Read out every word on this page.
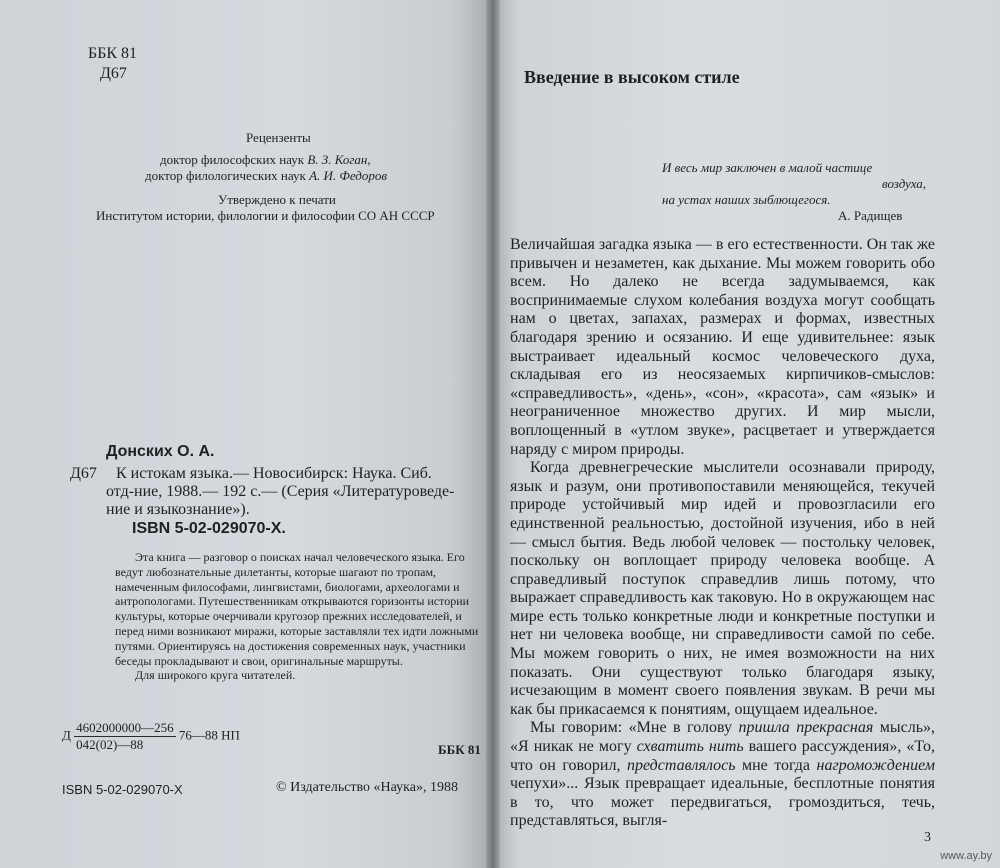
ББК 81
Д67
Рецензенты
доктор философских наук В. З. Коган,
доктор филологических наук А. И. Федоров
Утверждено к печати
Институтом истории, филологии и философии СО АН СССР
Донских О. А.
Д67 К истокам языка.— Новосибирск: Наука. Сиб.
отд-ние, 1988.— 192 с.— (Серия «Литературоведе-
ние и языкознание»).
ISBN 5-02-029070-X.

Эта книга — разговор о поисках начал человеческого языка. Его ведут любознательные дилетанты, которые шагают по тропам, намеченным философами, лингвистами, биологами, археологами и антропологами. Путешественникам открываются горизонты истории культуры, которые очерчивали кругозор прежних исследователей, и перед ними возникают миражи, которые заставляли тех идти ложными путями. Ориентируясь на достижения современных наук, участники беседы прокладывают и свои, оригинальные маршруты.

Для широкого круга читателей.

Д $\frac{4602000000—256}{042(02)—88}$ 76—88 НП
ББК 81
ISBN 5-02-029070-X	© Издательство «Наука», 1988
Введение в высоком стиле
И весь мир заключен в малой частице
воздуха,
на устах наших зыблющегося.
А. Радищев

Величайшая загадка языка — в его естественности. Он так же привычен и незаметен, как дыхание. Мы можем говорить обо всем. Но далеко не всегда задумываемся, как воспринимаемые слухом колебания воздуха могут сообщать нам о цветах, запахах, размерах и формах, известных благодаря зрению и осязанию. И еще удивительнее: язык выстраивает идеальный космос человеческого духа, складывая его из неосязаемых кирпичиков-смыслов: «справедливость», «день», «сон», «красота», сам «язык» и неограниченное множество других. И мир мысли, воплощенный в «утлом звуке», расцветает и утверждается наряду с миром природы.

Когда древнегреческие мыслители осознавали природу, язык и разум, они противопоставили меняющейся, текучей природе устойчивый мир идей и провозгласили его единственной реальностью, достойной изучения, ибо в ней — смысл бытия. Ведь любой человек — постольку человек, поскольку он воплощает природу человека вообще. А справедливый поступок справедлив лишь потому, что выражает справедливость как таковую. Но в окружающем нас мире есть только конкретные люди и конкретные поступки и нет ни человека вообще, ни справедливости самой по себе. Мы можем говорить о них, не имея возможности на них показать. Они существуют только благодаря языку, исчезающим в момент своего появления звукам. В речи мы как бы прикасаемся к понятиям, ощущаем идеальное.

Мы говорим: «Мне в голову пришла прекрасная мысль», «Я никак не могу схватить нить вашего рассуждения», «То, что он говорил, представлялось мне тогда нагромождением чепухи»... Язык превращает идеальные, бесплотные понятия в то, что может передвигаться, громоздиться, течь, представляться, выгля-

3
www.ay.by
